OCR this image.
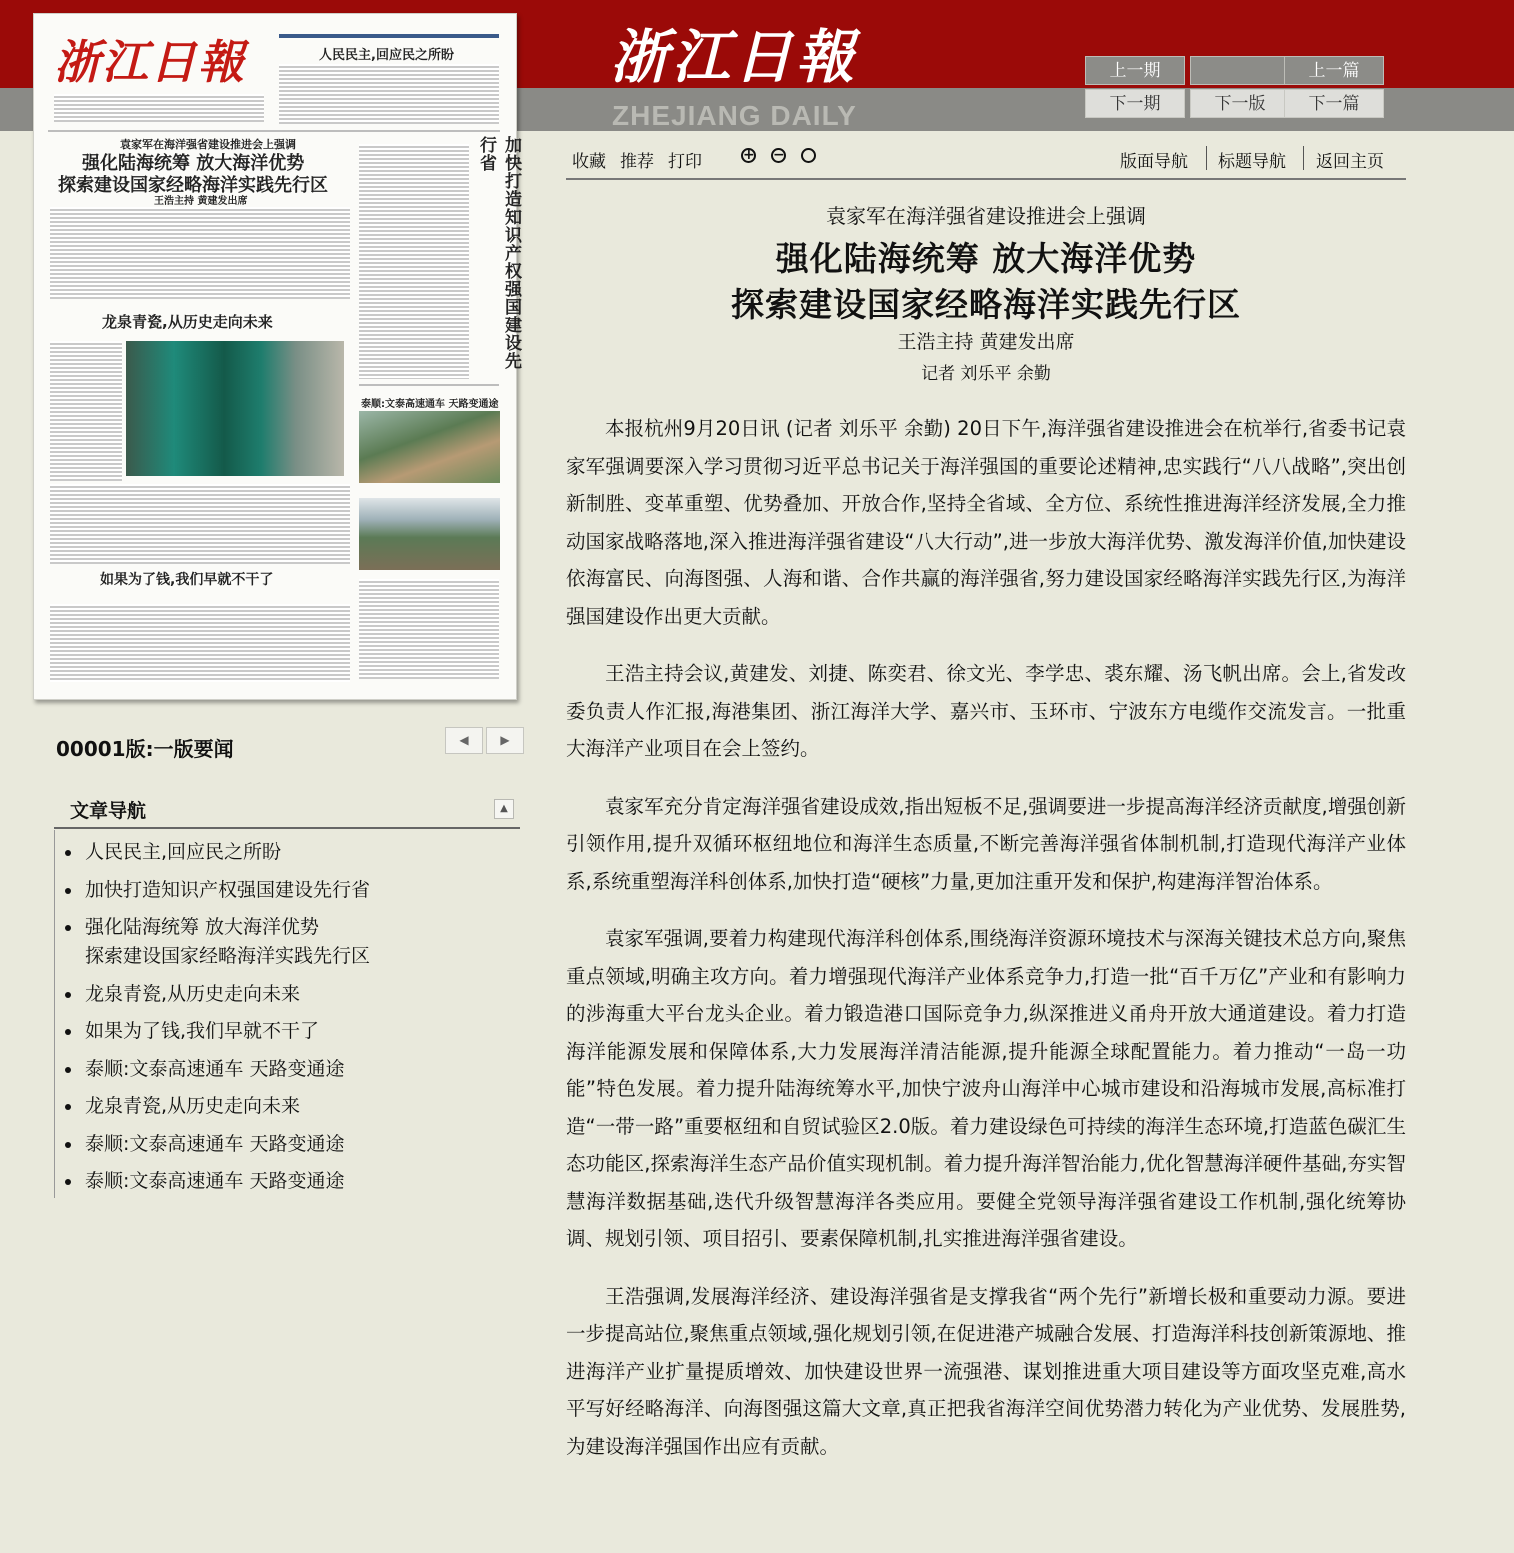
浙江日報
ZHEJIANG DAILY
上一期	上一篇
下一期	下一版	下一篇
浙江日報	人民民主,回应民之所盼
袁家军在海洋强省建设推进会上强调
强化陆海统筹 放大海洋优势
探索建设国家经略海洋实践先行区
王浩主持 黄建发出席	加快打造知识产权强国建设先行省
龙泉青瓷,从历史走向未来
泰顺:文泰高速通车 天路变通途
如果为了钱,我们早就不干了
收藏 推荐 打印	+ −	版面导航 标题导航 返回主页
袁家军在海洋强省建设推进会上强调
强化陆海统筹 放大海洋优势
探索建设国家经略海洋实践先行区
王浩主持 黄建发出席
记者 刘乐平 余勤

本报杭州9月20日讯 (记者 刘乐平 余勤) 20日下午,海洋强省建设推进会在杭举行,省委书记袁家军强调要深入学习贯彻习近平总书记关于海洋强国的重要论述精神,忠实践行“八八战略”,突出创新制胜、变革重塑、优势叠加、开放合作,坚持全省域、全方位、系统性推进海洋经济发展,全力推动国家战略落地,深入推进海洋强省建设“八大行动”,进一步放大海洋优势、激发海洋价值,加快建设依海富民、向海图强、人海和谐、合作共赢的海洋强省,努力建设国家经略海洋实践先行区,为海洋强国建设作出更大贡献。

王浩主持会议,黄建发、刘捷、陈奕君、徐文光、李学忠、裘东耀、汤飞帆出席。会上,省发改委负责人作汇报,海港集团、浙江海洋大学、嘉兴市、玉环市、宁波东方电缆作交流发言。一批重大海洋产业项目在会上签约。

袁家军充分肯定海洋强省建设成效,指出短板不足,强调要进一步提高海洋经济贡献度,增强创新引领作用,提升双循环枢纽地位和海洋生态质量,不断完善海洋强省体制机制,打造现代海洋产业体系,系统重塑海洋科创体系,加快打造“硬核”力量,更加注重开发和保护,构建海洋智治体系。

袁家军强调,要着力构建现代海洋科创体系,围绕海洋资源环境技术与深海关键技术总方向,聚焦重点领域,明确主攻方向。着力增强现代海洋产业体系竞争力,打造一批“百千万亿”产业和有影响力的涉海重大平台龙头企业。着力锻造港口国际竞争力,纵深推进义甬舟开放大通道建设。着力打造海洋能源发展和保障体系,大力发展海洋清洁能源,提升能源全球配置能力。着力推动“一岛一功能”特色发展。着力提升陆海统筹水平,加快宁波舟山海洋中心城市建设和沿海城市发展,高标准打造“一带一路”重要枢纽和自贸试验区2.0版。着力建设绿色可持续的海洋生态环境,打造蓝色碳汇生态功能区,探索海洋生态产品价值实现机制。着力提升海洋智治能力,优化智慧海洋硬件基础,夯实智慧海洋数据基础,迭代升级智慧海洋各类应用。要健全党领导海洋强省建设工作机制,强化统筹协调、规划引领、项目招引、要素保障机制,扎实推进海洋强省建设。

王浩强调,发展海洋经济、建设海洋强省是支撑我省“两个先行”新增长极和重要动力源。要进一步提高站位,聚焦重点领域,强化规划引领,在促进港产城融合发展、打造海洋科技创新策源地、推进海洋产业扩量提质增效、加快建设世界一流强港、谋划推进重大项目建设等方面攻坚克难,高水平写好经略海洋、向海图强这篇大文章,真正把我省海洋空间优势潜力转化为产业优势、发展胜势,为建设海洋强国作出应有贡献。

00001版:一版要闻	◀	▶
文章导航	▲
人民民主,回应民之所盼
加快打造知识产权强国建设先行省
强化陆海统筹 放大海洋优势
探索建设国家经略海洋实践先行区
龙泉青瓷,从历史走向未来
如果为了钱,我们早就不干了
泰顺:文泰高速通车 天路变通途
龙泉青瓷,从历史走向未来
泰顺:文泰高速通车 天路变通途
泰顺:文泰高速通车 天路变通途
